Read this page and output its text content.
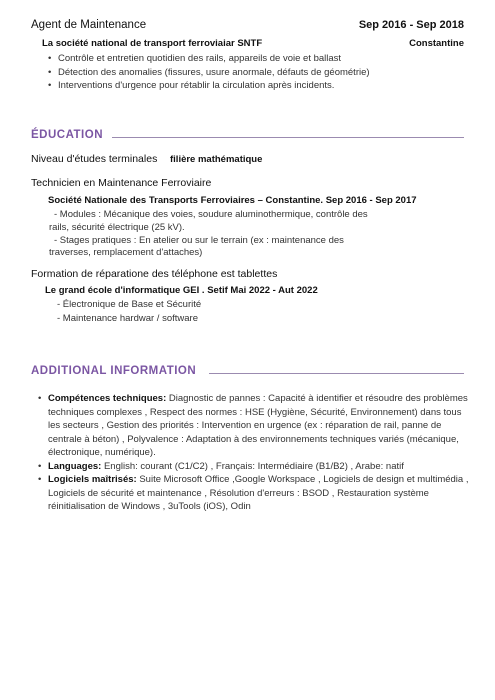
Agent de Maintenance	Sep 2016 - Sep 2018
La société national de transport ferroviaiar SNTF	Constantine
• Contrôle et entretien quotidien des rails, appareils de voie et ballast
• Détection des anomalies (fissures, usure anormale, défauts de géométrie)
• Interventions d'urgence pour rétablir la circulation après incidents.
ÉDUCATION
Niveau d'études terminales filière mathématique
Technicien en Maintenance Ferroviaire
Société Nationale des Transports Ferroviaires – Constantine. Sep 2016 - Sep 2017
- Modules : Mécanique des voies, soudure aluminothermique, contrôle des
rails, sécurité électrique (25 kV).
- Stages pratiques : En atelier ou sur le terrain (ex : maintenance des
traverses, remplacement d'attaches)
Formation de réparatione des téléphone est tablettes
Le grand école d'informatique GEI . Setif Mai 2022 - Aut 2022
- Électronique de Base et Sécurité
- Maintenance hardwar / software
ADDITIONAL INFORMATION
• Compétences techniques: Diagnostic de pannes : Capacité à identifier et résoudre des problèmes techniques complexes , Respect des normes : HSE (Hygiène, Sécurité, Environnement) dans tous les secteurs , Gestion des priorités : Intervention en urgence (ex : réparation de rail, panne de centrale à béton) , Polyvalence : Adaptation à des environnements techniques variés (mécanique, électronique, numérique).
• Languages: English: courant (C1/C2) , Français: Intermédiaire (B1/B2) , Arabe: natif
• Logiciels maîtrisés: Suite Microsoft Office ,Google Workspace , Logiciels de design et multimédia , Logiciels de sécurité et maintenance , Résolution d'erreurs : BSOD , Restauration système réinitialisation de Windows , 3uTools (iOS), Odin
